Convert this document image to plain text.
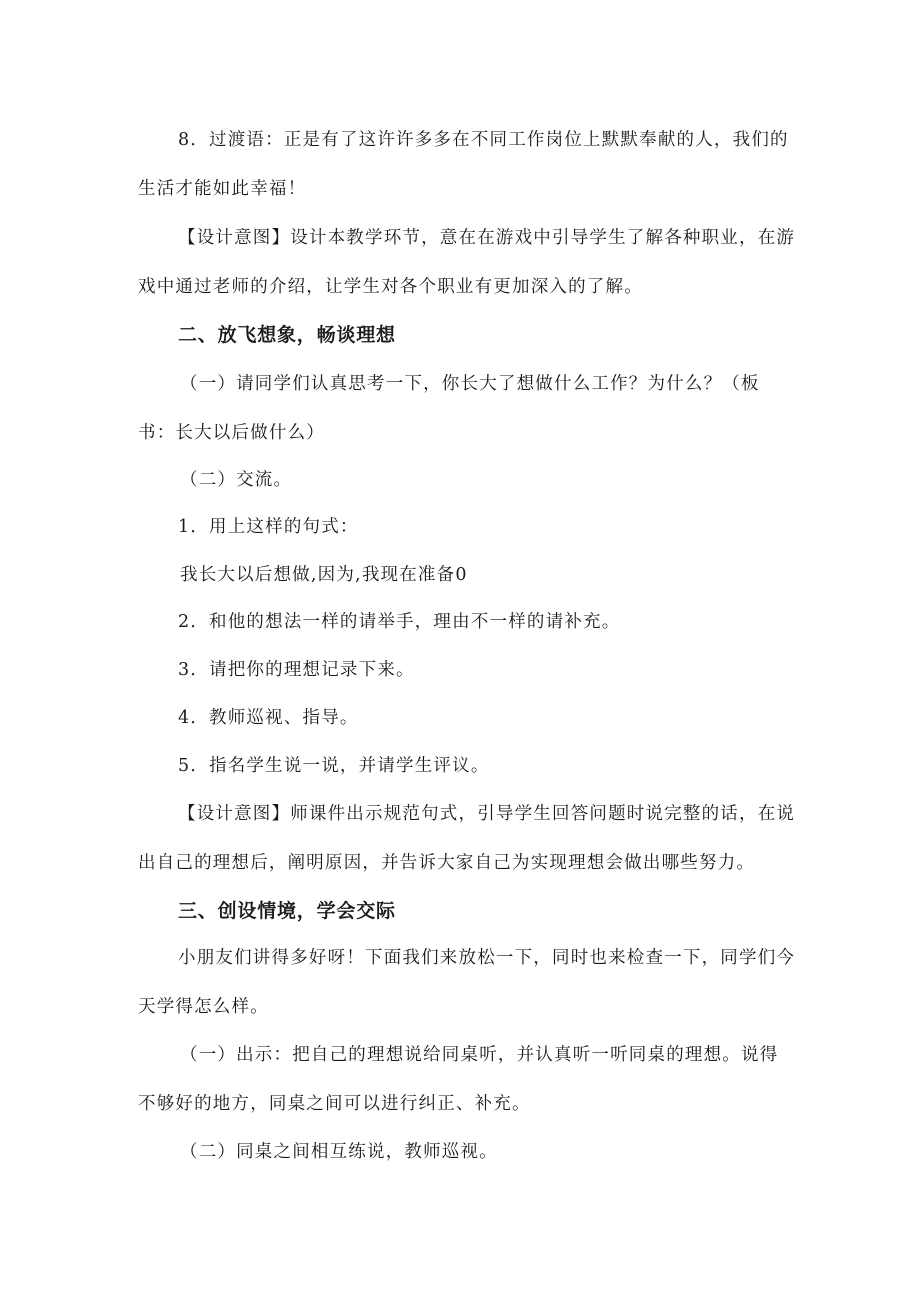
8．过渡语：正是有了这许许多多在不同工作岗位上默默奉献的人，我们的
生活才能如此幸福！
【设计意图】设计本教学环节，意在在游戏中引导学生了解各种职业，在游
戏中通过老师的介绍，让学生对各个职业有更加深入的了解。
二、放飞想象，畅谈理想
（一）请同学们认真思考一下，你长大了想做什么工作？为什么？（板
书：长大以后做什么）
（二）交流。
1．用上这样的句式：
我长大以后想做,因为,我现在准备0
2．和他的想法一样的请举手，理由不一样的请补充。
3．请把你的理想记录下来。
4．教师巡视、指导。
5．指名学生说一说，并请学生评议。
【设计意图】师课件出示规范句式，引导学生回答问题时说完整的话，在说
出自己的理想后，阐明原因，并告诉大家自己为实现理想会做出哪些努力。
三、创设情境，学会交际
小朋友们讲得多好呀！下面我们来放松一下，同时也来检查一下，同学们今
天学得怎么样。
（一）出示：把自己的理想说给同桌听，并认真听一听同桌的理想。说得
不够好的地方，同桌之间可以进行纠正、补充。
（二）同桌之间相互练说，教师巡视。
